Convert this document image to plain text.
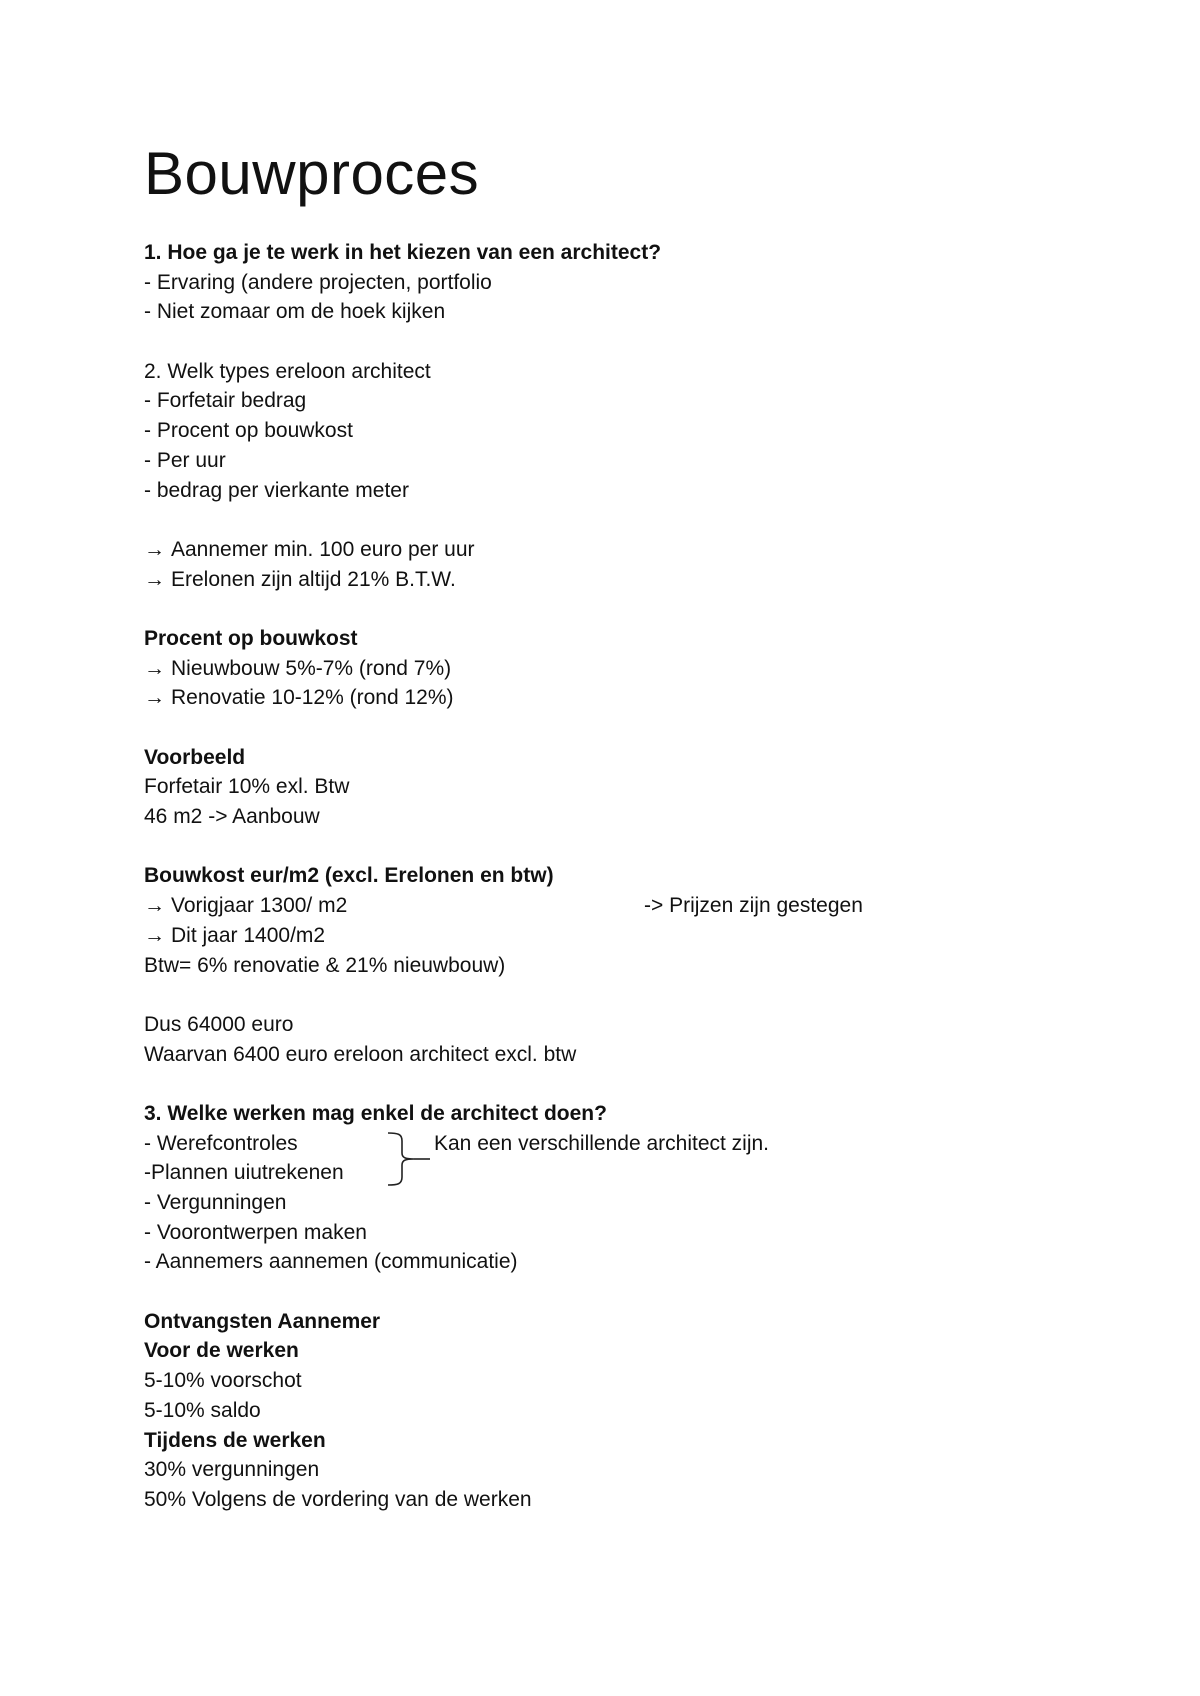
Bouwproces
1. Hoe ga je te werk in het kiezen van een architect?
- Ervaring (andere projecten, portfolio
- Niet zomaar om de hoek kijken
2. Welk types ereloon architect
- Forfetair bedrag
- Procent op bouwkost
- Per uur
- bedrag per vierkante meter
→ Aannemer min. 100 euro per uur
→ Erelonen zijn altijd 21% B.T.W.
Procent op bouwkost
→ Nieuwbouw 5%-7% (rond 7%)
→ Renovatie 10-12% (rond 12%)
Voorbeeld
Forfetair 10% exl. Btw
46 m2 -> Aanbouw
Bouwkost eur/m2 (excl. Erelonen en btw)
→ Vorigjaar 1300/ m2	-> Prijzen zijn gestegen
→ Dit jaar 1400/m2
Btw= 6% renovatie & 21% nieuwbouw)
Dus 64000 euro
Waarvan 6400 euro ereloon architect excl. btw
3. Welke werken mag enkel de architect doen?
- Werefcontroles	Kan een verschillende architect zijn.
-Plannen uiutrekenen
- Vergunningen
- Voorontwerpen maken
- Aannemers aannemen (communicatie)
Ontvangsten Aannemer
Voor de werken
5-10% voorschot
5-10% saldo
Tijdens de werken
30% vergunningen
50% Volgens de vordering van de werken
